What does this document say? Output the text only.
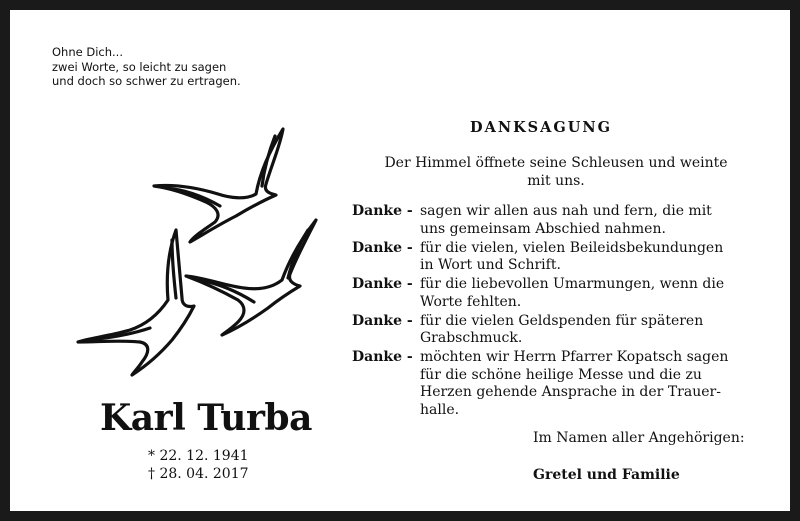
Ohne Dich...
zwei Worte, so leicht zu sagen
und doch so schwer zu ertragen.
Karl Turba
* 22. 12. 1941
† 28. 04. 2017
DANKSAGUNG
Der Himmel öffnete seine Schleusen und weinte
mit uns.
Danke - sagen wir allen aus nah und fern, die mit
uns gemeinsam Abschied nahmen.
Danke - für die vielen, vielen Beileidsbekundungen
in Wort und Schrift.
Danke - für die liebevollen Umarmungen, wenn die
Worte fehlten.
Danke - für die vielen Geldspenden für späteren
Grabschmuck.
Danke - möchten wir Herrn Pfarrer Kopatsch sagen
für die schöne heilige Messe und die zu
Herzen gehende Ansprache in der Trauer-
halle.
Im Namen aller Angehörigen:
Gretel und Familie
